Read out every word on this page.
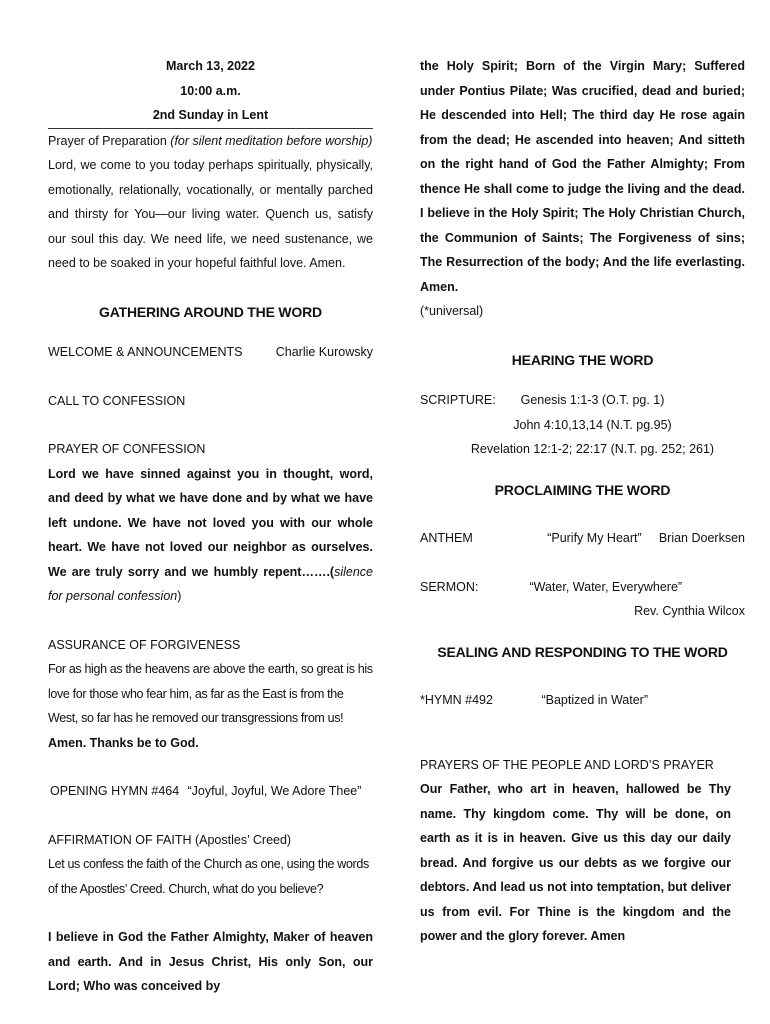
March 13, 2022
10:00 a.m.
2nd Sunday in Lent

Prayer of Preparation (for silent meditation before worship)

Lord, we come to you today perhaps spiritually, physically, emotionally, relationally, vocationally, or mentally parched and thirsty for You—our living water. Quench us, satisfy our soul this day. We need life, we need sustenance, we need to be soaked in your hopeful faithful love. Amen.

GATHERING AROUND THE WORD
WELCOME & ANNOUNCEMENTS	Charlie Kurowsky

CALL TO CONFESSION

PRAYER OF CONFESSION

Lord we have sinned against you in thought, word, and deed by what we have done and by what we have left undone. We have not loved you with our whole heart. We have not loved our neighbor as ourselves. We are truly sorry and we humbly repent…….(silence for personal confession)

ASSURANCE OF FORGIVENESS

For as high as the heavens are above the earth, so great is his love for those who fear him, as far as the East is from the West, so far has he removed our transgressions from us!

Amen. Thanks be to God.

OPENING HYMN #464 “Joyful, Joyful, We Adore Thee”

AFFIRMATION OF FAITH (Apostles’ Creed)

Let us confess the faith of the Church as one, using the words of the Apostles’ Creed. Church, what do you believe?

I believe in God the Father Almighty, Maker of heaven and earth. And in Jesus Christ, His only Son, our Lord; Who was conceived by

the Holy Spirit; Born of the Virgin Mary; Suffered under Pontius Pilate; Was crucified, dead and buried; He descended into Hell; The third day He rose again from the dead; He ascended into heaven; And sitteth on the right hand of God the Father Almighty; From thence He shall come to judge the living and the dead. I believe in the Holy Spirit; The Holy Christian Church, the Communion of Saints; The Forgiveness of sins; The Resurrection of the body; And the life everlasting. Amen.

(*universal)

HEARING THE WORD
SCRIPTURE:	Genesis 1:1-3 (O.T. pg. 1)
John 4:10,13,14 (N.T. pg.95)
Revelation 12:1-2; 22:17 (N.T. pg. 252; 261)
PROCLAIMING THE WORD
ANTHEM	“Purify My Heart” Brian Doerksen
SERMON:	“Water, Water, Everywhere”
Rev. Cynthia Wilcox
SEALING AND RESPONDING TO THE WORD
*HYMN #492	“Baptized in Water”

PRAYERS OF THE PEOPLE AND LORD’S PRAYER

Our Father, who art in heaven, hallowed be Thy name. Thy kingdom come. Thy will be done, on earth as it is in heaven. Give us this day our daily bread. And forgive us our debts as we forgive our debtors. And lead us not into temptation, but deliver us from evil. For Thine is the kingdom and the power and the glory forever. Amen
